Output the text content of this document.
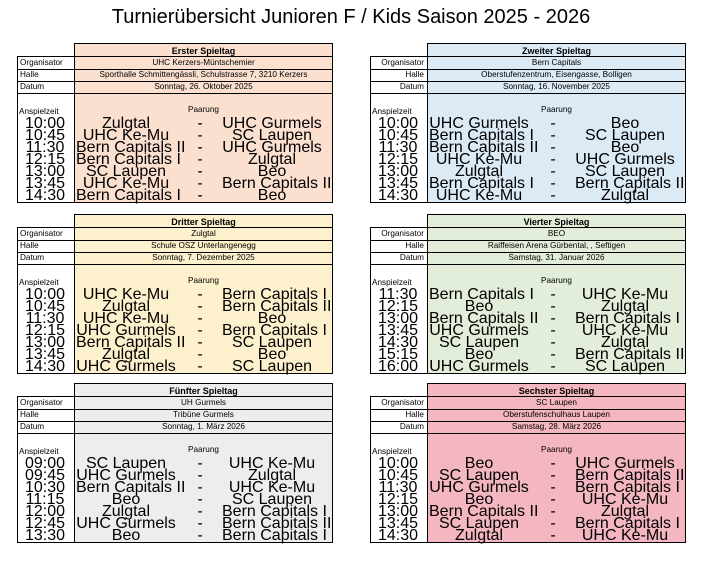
Turnierübersicht Junioren F / Kids Saison 2025 - 2026
Erster Spieltag
Organisator	UHC Kerzers-Müntschemier
Halle	Sporthalle Schmittengässli, Schulstrasse 7, 3210 Kerzers
Datum	Sonntag, 26. Oktober 2025
Anspielzeit	Paarung
10:00	Zulgtal	- UHC Gurmels
10:45	UHC Ke-Mu	-	SC Laupen
11:30 Bern Capitals II - UHC Gurmels
12:15 Bern Capitals I -	Zulgtal
13:00	SC Laupen	-	Beo
13:45	UHC Ke-Mu	- Bern Capitals II
14:30 Bern Capitals I -	Beo
Zweiter Spieltag
Organisator	Bern Capitals
Halle	Oberstufenzentrum, Eisengasse, Bolligen
Datum	Sonntag, 16. November 2025
Anspielzeit	Paarung
10:00 UHC Gurmels -	Beo
10:45 Bern Capitals I -	SC Laupen
11:30 Bern Capitals II -	Beo
12:15	UHC Ke-Mu	- UHC Gurmels
13:00	Zulgtal	-	SC Laupen
13:45 Bern Capitals I - Bern Capitals II
14:30	UHC Ke-Mu	-	Zulgtal
Dritter Spieltag
Organisator	Zulgtal
Halle	Schule OSZ Unterlangenegg
Datum	Sonntag, 7. Dezember 2025
Anspielzeit	Paarung
10:00	UHC Ke-Mu	- Bern Capitals I
10:45	Zulgtal	- Bern Capitals II
11:30	UHC Ke-Mu	-	Beo
12:15 UHC Gurmels - Bern Capitals I
13:00 Bern Capitals II -	SC Laupen
13:45	Zulgtal	-	Beo
14:30 UHC Gurmels -	SC Laupen
Vierter Spieltag
Organisator	BEO
Halle	Raiffeisen Arena Gürbental, , Seftigen
Datum	Samstag, 31. Januar 2026
Anspielzeit	Paarung
11:30 Bern Capitals I -	UHC Ke-Mu
12:15	Beo	-	Zulgtal
13:00 Bern Capitals II - Bern Capitals I
13:45 UHC Gurmels -	UHC Ke-Mu
14:30	SC Laupen	-	Zulgtal
15:15	Beo	- Bern Capitals II
16:00 UHC Gurmels -	SC Laupen
Fünfter Spieltag
Organisator	UH Gurmels
Halle	Tribüne Gurmels
Datum	Sonntag, 1. März 2026
Anspielzeit	Paarung
09:00	SC Laupen	-	UHC Ke-Mu
09:45 UHC Gurmels -	Zulgtal
10:30 Bern Capitals II -	UHC Ke-Mu
11:15	Beo	-	SC Laupen
12:00	Zulgtal	- Bern Capitals I
12:45 UHC Gurmels - Bern Capitals II
13:30	Beo	- Bern Capitals I
Sechster Spieltag
Organisator	SC Laupen
Halle	Oberstufenschulhaus Laupen
Datum	Samstag, 28. März 2026
Anspielzeit	Paarung
10:00	Beo	- UHC Gurmels
10:45	SC Laupen	- Bern Capitals II
11:30 UHC Gurmels - Bern Capitals I
12:15	Beo	-	UHC Ke-Mu
13:00 Bern Capitals II -	Zulgtal
13:45	SC Laupen	- Bern Capitals I
14:30	Zulgtal	-	UHC Ke-Mu
